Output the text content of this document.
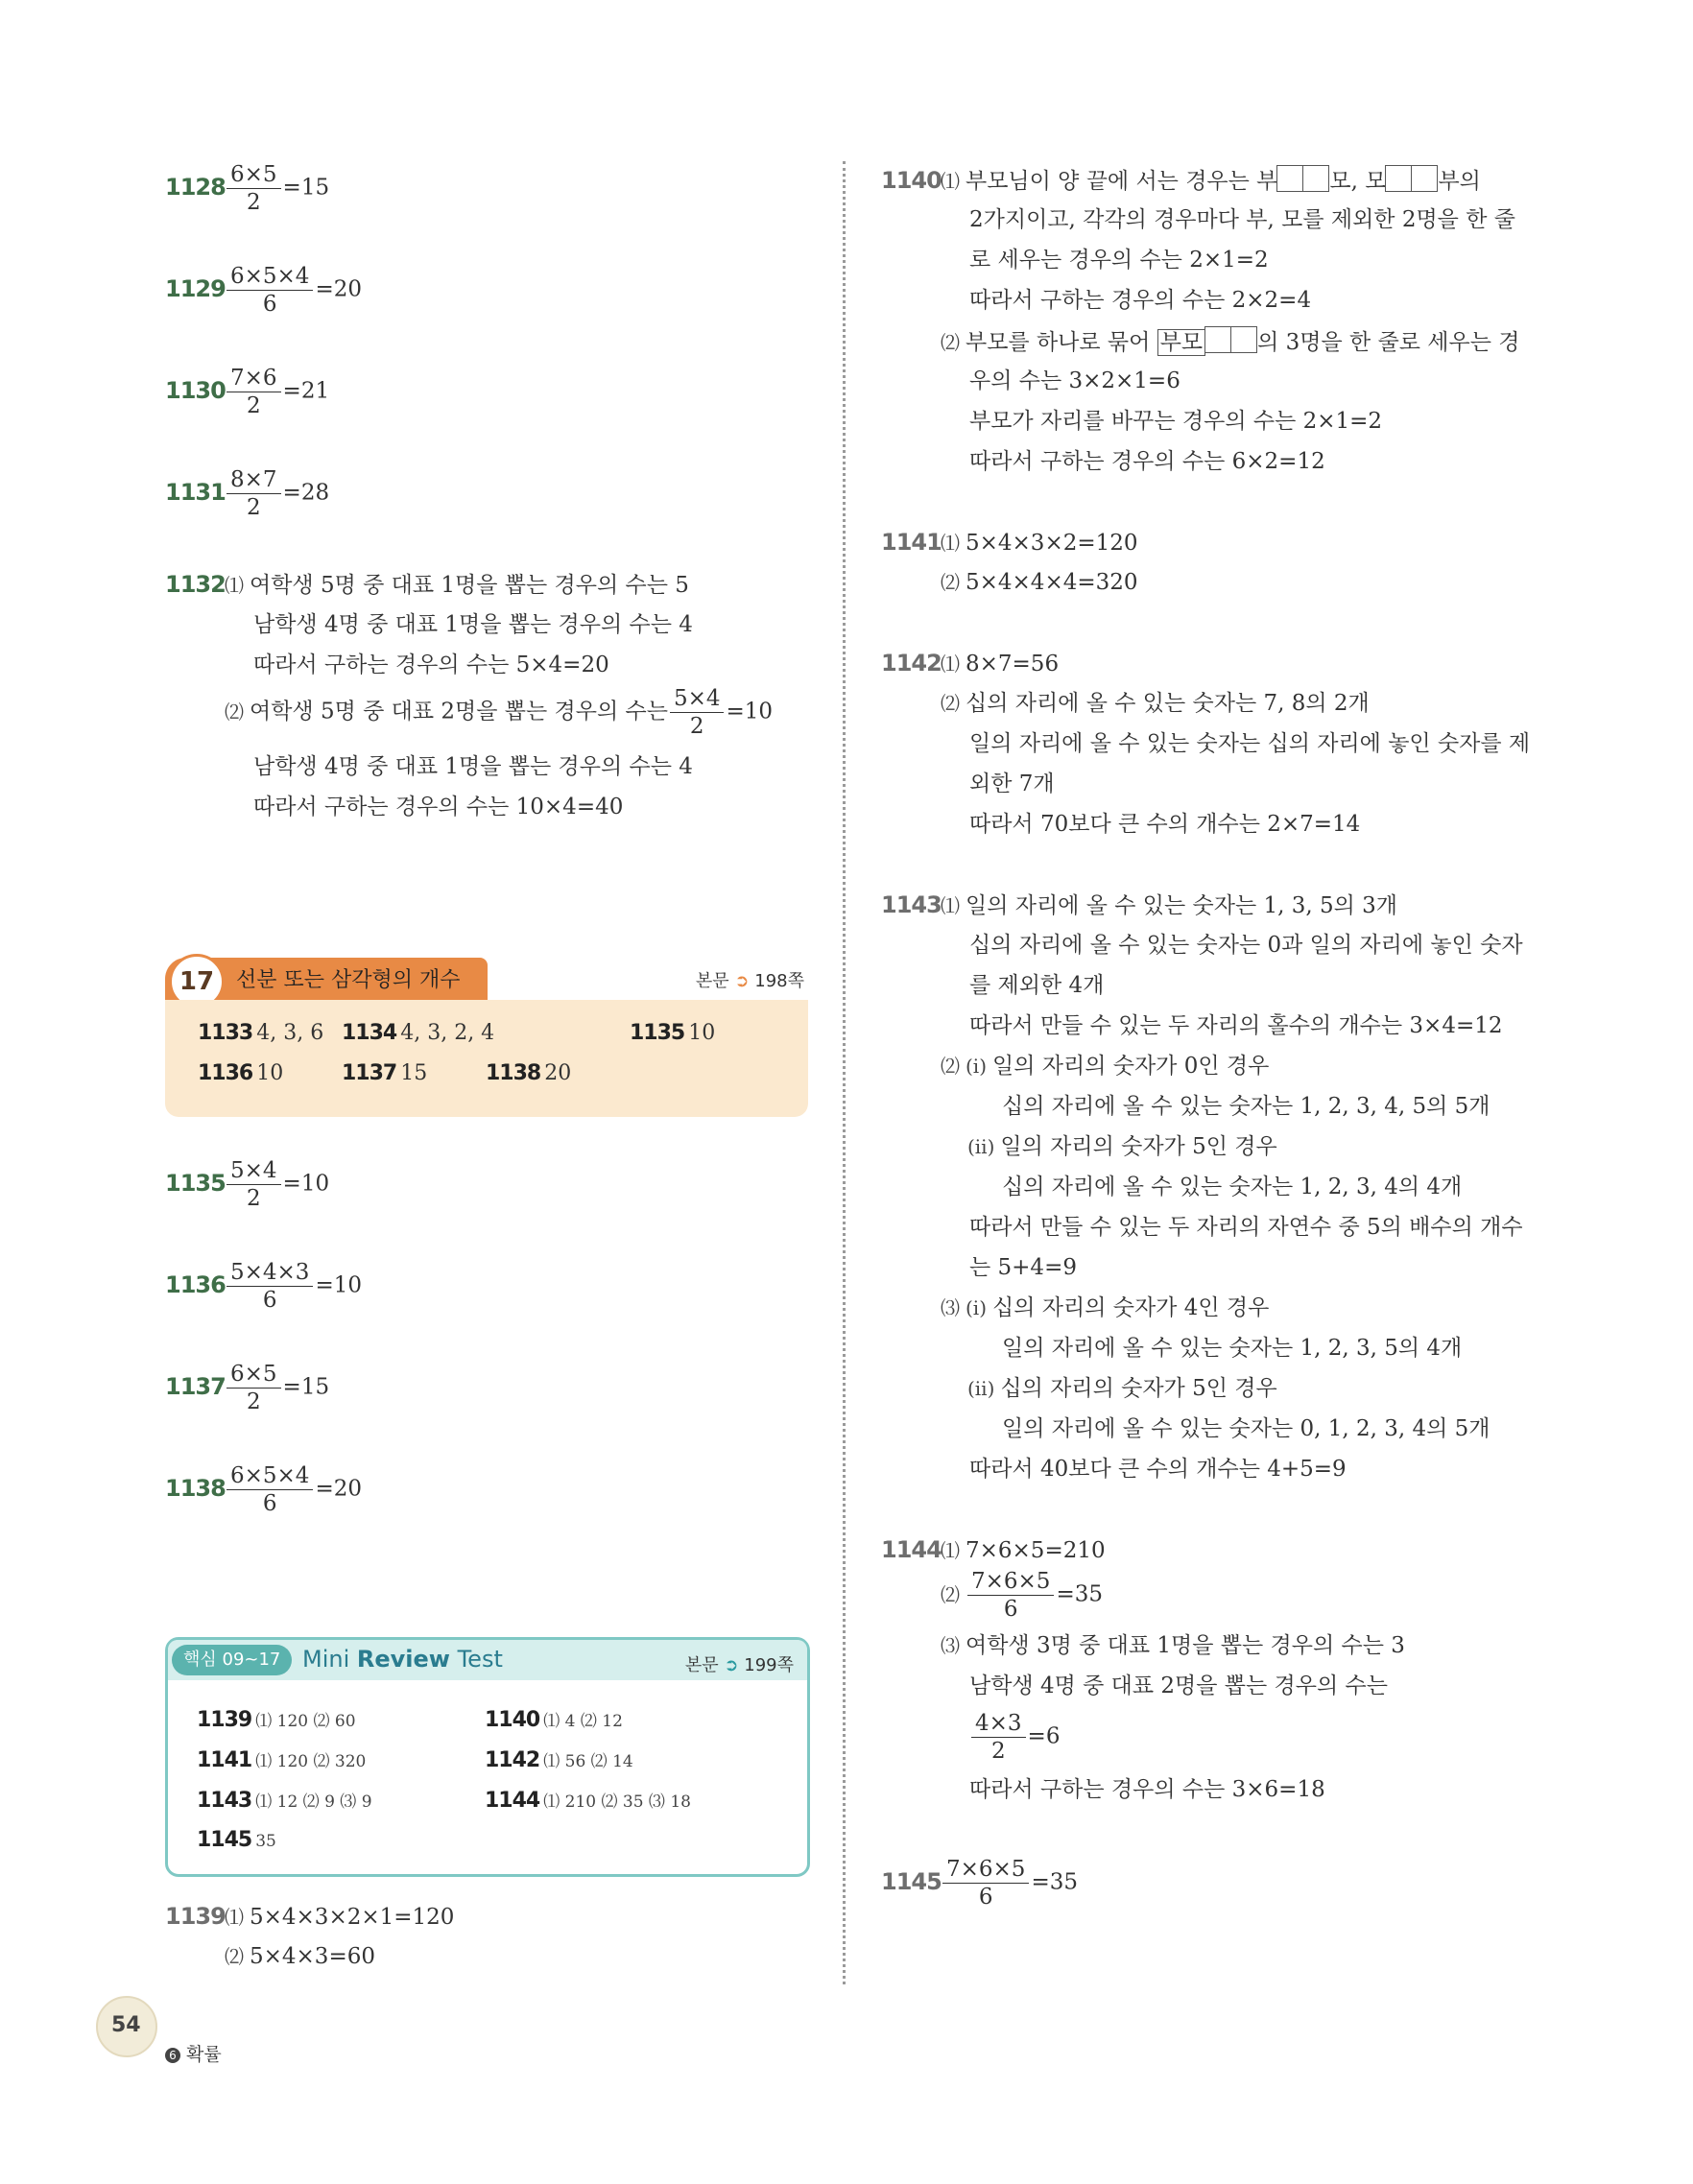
$1128 \frac{6\times 5}{2} =15$
$1129 \frac{6\times 5\times 4}{6} =20$
$1130 \frac{7\times 6}{2} =21$
$1131 \frac{8\times 7}{2} =28$
1132⑴ 여학생 5명 중 대표 1명을 뽑는 경우의 수는 5
남학생 4명 중 대표 1명을 뽑는 경우의 수는 4
따라서 구하는 경우의 수는 5×4=20
⑵ 여학생 5명 중 대표 2명을 뽑는 경우의 수는 $\frac{5\times 4}{2} =10$
남학생 4명 중 대표 1명을 뽑는 경우의 수는 4
따라서 구하는 경우의 수는 10×4=40
17	선분 또는 삼각형의 개수	본문 ➲ 198쪽
1133 4, 3, 6 1134 4, 3, 2, 4	1135 10
1136 10	1137 15	1138 20
$1135 \frac{5\times 4}{2} =10$
$1136 \frac{5\times 4\times 3}{6} =10$
$1137 \frac{6\times 5}{2} =15$
$1138 \frac{6\times 5\times 4}{6} =20$
핵심 09~17 Mini Review Test	본문 ➲ 199쪽
1139 ⑴ 120 ⑵ 60	1140 ⑴ 4 ⑵ 12
1141 ⑴ 120 ⑵ 320	1142 ⑴ 56 ⑵ 14
1143 ⑴ 12 ⑵ 9 ⑶ 9	1144 ⑴ 210 ⑵ 35 ⑶ 18
1145 35
1139⑴ 5×4×3×2×1=120
⑵ 5×4×3=60
1140⑴ 부모님이 양 끝에 서는 경우는 부 모, 모 부의
2가지이고, 각각의 경우마다 부, 모를 제외한 2명을 한 줄
로 세우는 경우의 수는 2×1=2
따라서 구하는 경우의 수는 2×2=4
⑵ 부모를 하나로 묶어 부모 의 3명을 한 줄로 세우는 경
우의 수는 3×2×1=6
부모가 자리를 바꾸는 경우의 수는 2×1=2
따라서 구하는 경우의 수는 6×2=12
1141⑴ 5×4×3×2=120
⑵ 5×4×4×4=320
1142⑴ 8×7=56
⑵ 십의 자리에 올 수 있는 숫자는 7, 8의 2개
일의 자리에 올 수 있는 숫자는 십의 자리에 놓인 숫자를 제
외한 7개
따라서 70보다 큰 수의 개수는 2×7=14
1143⑴ 일의 자리에 올 수 있는 숫자는 1, 3, 5의 3개
십의 자리에 올 수 있는 숫자는 0과 일의 자리에 놓인 숫자
를 제외한 4개
따라서 만들 수 있는 두 자리의 홀수의 개수는 3×4=12
⑵ (ⅰ) 일의 자리의 숫자가 0인 경우
십의 자리에 올 수 있는 숫자는 1, 2, 3, 4, 5의 5개
(ⅱ) 일의 자리의 숫자가 5인 경우
십의 자리에 올 수 있는 숫자는 1, 2, 3, 4의 4개
따라서 만들 수 있는 두 자리의 자연수 중 5의 배수의 개수
는 5+4=9
⑶ (ⅰ) 십의 자리의 숫자가 4인 경우
일의 자리에 올 수 있는 숫자는 1, 2, 3, 5의 4개
(ⅱ) 십의 자리의 숫자가 5인 경우
일의 자리에 올 수 있는 숫자는 0, 1, 2, 3, 4의 5개
따라서 40보다 큰 수의 개수는 4+5=9
1144⑴ 7×6×5=210
⑵ $\frac{7\times 6\times 5}{6} =35$
⑶ 여학생 3명 중 대표 1명을 뽑는 경우의 수는 3
남학생 4명 중 대표 2명을 뽑는 경우의 수는
$\frac{4\times 3}{2} =6$
따라서 구하는 경우의 수는 3×6=18
$1145 \frac{7\times 6\times 5}{6} =35$
54
6 확률
